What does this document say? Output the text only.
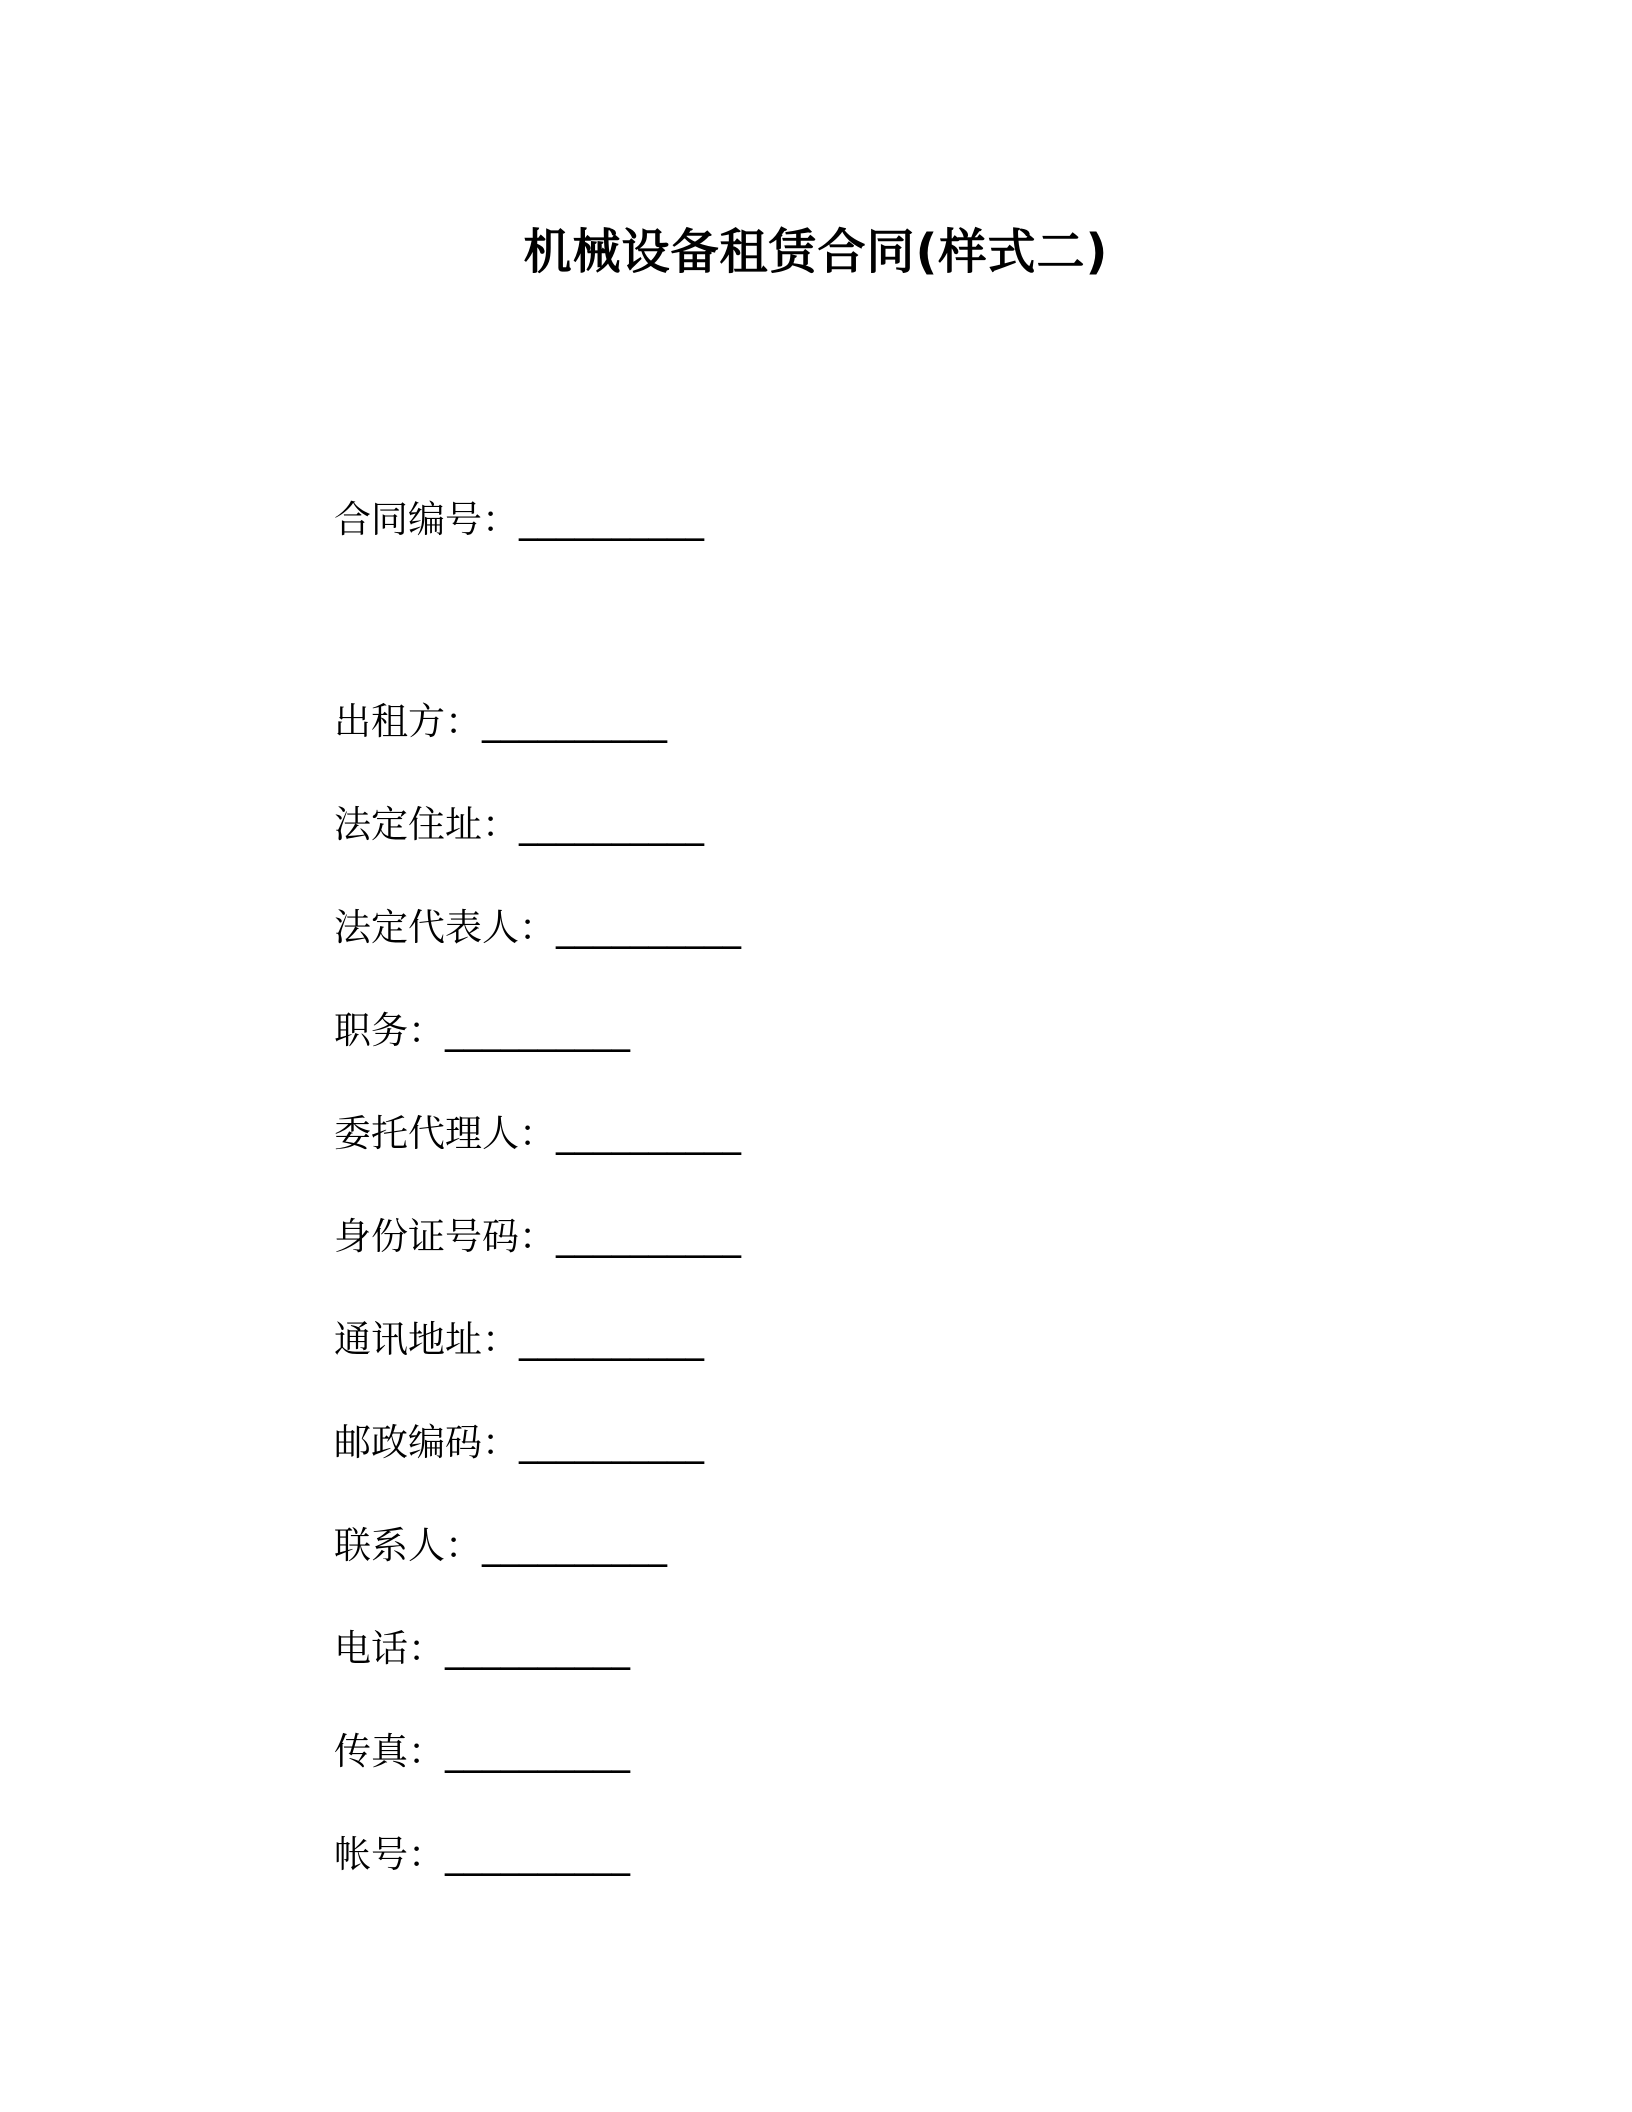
机械设备租赁合同(样式二)
合同编号：__________
出租方：__________
法定住址：__________
法定代表人：__________
职务：__________
委托代理人：__________
身份证号码：__________
通讯地址：__________
邮政编码：__________
联系人：__________
电话：__________
传真：__________
帐号：__________
